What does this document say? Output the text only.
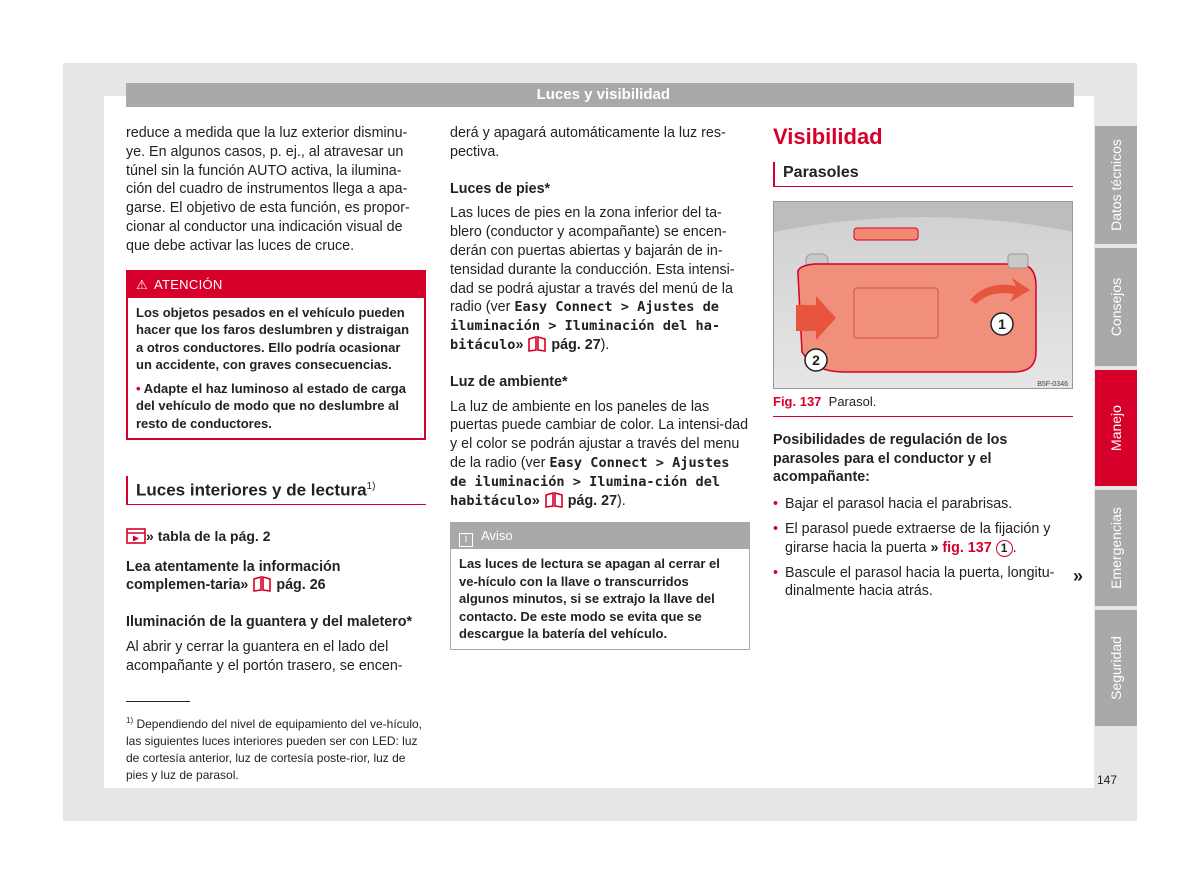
Luces y visibilidad

reduce a medida que la luz exterior disminu-ye. En algunos casos, p. ej., al atravesar un túnel sin la función AUTO activa, la ilumina-ción del cuadro de instrumentos llega a apa-garse. El objetivo de esta función, es propor-cionar al conductor una indicación visual de que debe activar las luces de cruce.

⚠ ATENCIÓN

Los objetos pesados en el vehículo pueden hacer que los faros deslumbren y distraigan a otros conductores. Ello podría ocasionar un accidente, con graves consecuencias.

• Adapte el haz luminoso al estado de carga del vehículo de modo que no deslumbre al resto de conductores.

Luces interiores y de lectura$^{1)}$

» tabla de la pág. 2

Lea atentamente la información complemen-taria»  pág. 26

Iluminación de la guantera y del maletero*

Al abrir y cerrar la guantera en el lado del acompañante y el portón trasero, se encen-

$^{1)}$ Dependiendo del nivel de equipamiento del ve-hículo, las siguientes luces interiores pueden ser con LED: luz de cortesía anterior, luz de cortesía poste-rior, luz de pies y luz de parasol.

derá y apagará automáticamente la luz res-pectiva.

Luces de pies*

Las luces de pies en la zona inferior del ta-blero (conductor y acompañante) se encen-derán con puertas abiertas y bajarán de in-tensidad durante la conducción. Esta intensi-dad se podrá ajustar a través del menú de la radio (ver Easy Connect > Ajustes de iluminación > Iluminación del ha-bitáculo»  pág. 27).

Luz de ambiente*

La luz de ambiente en los paneles de las puertas puede cambiar de color. La intensi-dad y el color se podrán ajustar a través del menu de la radio (ver Easy Connect > Ajustes de iluminación > Ilumina-ción del habitáculo»  pág. 27).

i Aviso
Las luces de lectura se apagan al cerrar el ve-hículo con la llave o transcurridos algunos minutos, si se extrajo la llave del contacto. De este modo se evita que se descargue la batería del vehículo.
Visibilidad
Parasoles
1
2
B5F-0346

Fig. 137 Parasol.

Posibilidades de regulación de los parasoles para el conductor y el acompañante:

• Bajar el parasol hacia el parabrisas.
• El parasol puede extraerse de la fijación y girarse hacia la puerta » fig. 137 1 .
• Bascule el parasol hacia la puerta, longitu-dinalmente hacia atrás.
»
Datos técnicos
Consejos
Manejo
Emergencias
Seguridad
147
